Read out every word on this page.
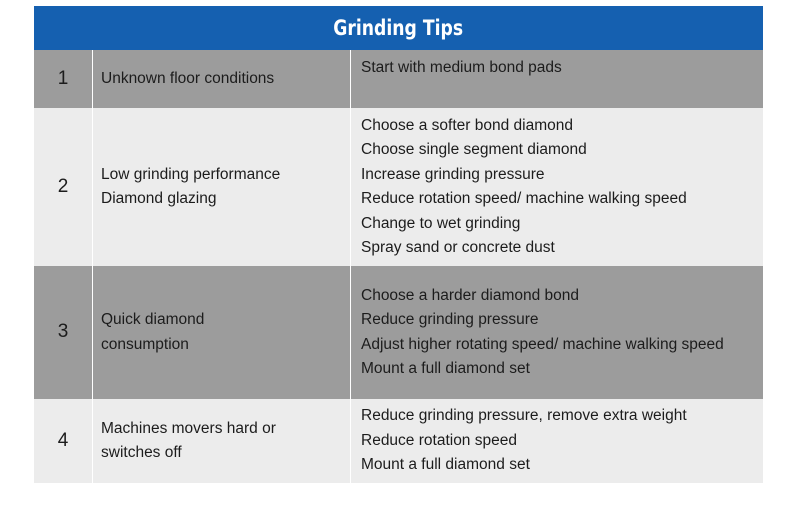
Grinding Tips
1	Unknown floor conditions
Start with medium bond pads
2
Low grinding performance
Diamond glazing
Choose a softer bond diamond
Choose single segment diamond
Increase grinding pressure
Reduce rotation speed/ machine walking speed
Change to wet grinding
Spray sand or concrete dust
3
Quick diamond
consumption
Choose a harder diamond bond
Reduce grinding pressure
Adjust higher rotating speed/ machine walking speed
Mount a full diamond set
4
Machines movers hard or
switches off
Reduce grinding pressure, remove extra weight
Reduce rotation speed
Mount a full diamond set
